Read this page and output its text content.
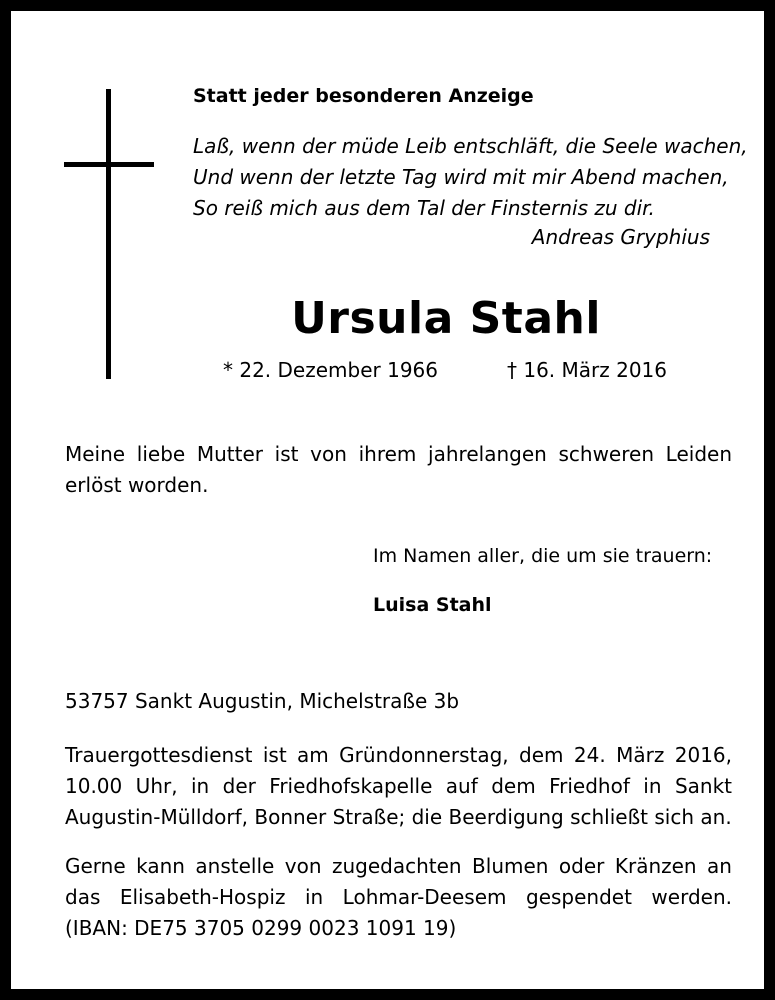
Statt jeder besonderen Anzeige
Laß, wenn der müde Leib entschläft, die Seele wachen,
Und wenn der letzte Tag wird mit mir Abend machen,
So reiß mich aus dem Tal der Finsternis zu dir.
Andreas Gryphius
Ursula Stahl
* 22. Dezember 1966	† 16. März 2016
Meine liebe Mutter ist von ihrem jahrelangen schweren Leiden erlöst worden.
Im Namen aller, die um sie trauern:
Luisa Stahl
53757 Sankt Augustin, Michelstraße 3b
Trauergottesdienst ist am Gründonnerstag, dem 24. März 2016, 10.00 Uhr, in der Friedhofskapelle auf dem Friedhof in Sankt Augustin-Mülldorf, Bonner Straße; die Beerdigung schließt sich an.
Gerne kann anstelle von zugedachten Blumen oder Kränzen an das Elisabeth-Hospiz in Lohmar-Deesem gespendet werden. (IBAN: DE75 3705 0299 0023 1091 19)
